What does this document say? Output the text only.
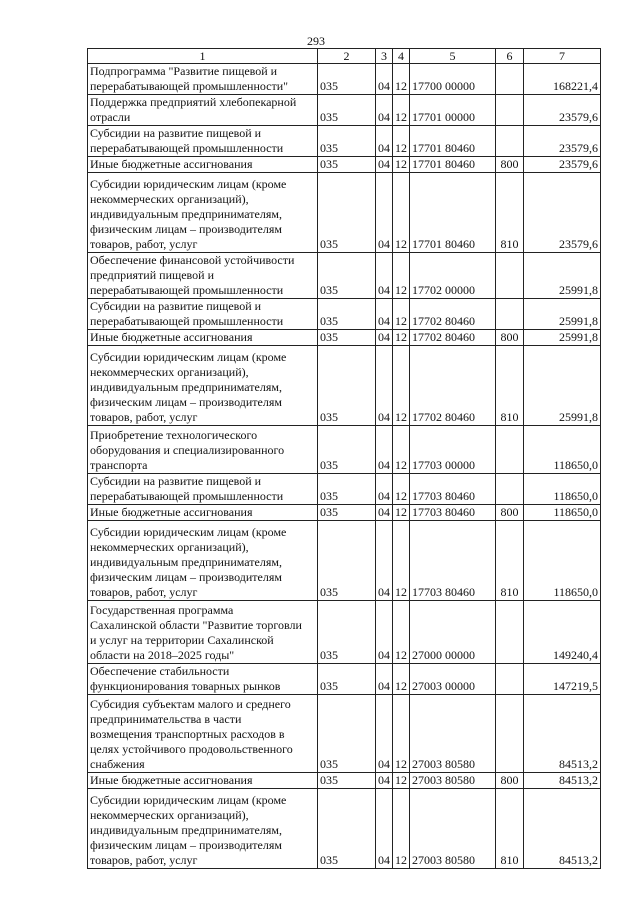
293
1	2	3	4	5	6	7
Подпрограмма "Развитие пищевой и
перерабатывающей промышленности"	035	04	12	17700 00000		168221,4
Поддержка предприятий хлебопекарной
отрасли	035	04	12	17701 00000		23579,6
Субсидии на развитие пищевой и
перерабатывающей промышленности	035	04	12	17701 80460		23579,6
Иные бюджетные ассигнования	035	04	12	17701 80460	800	23579,6
Субсидии юридическим лицам (кроме
некоммерческих организаций),
индивидуальным предпринимателям,
физическим лицам – производителям
товаров, работ, услуг	035	04	12	17701 80460	810	23579,6
Обеспечение финансовой устойчивости
предприятий пищевой и
перерабатывающей промышленности	035	04	12	17702 00000		25991,8
Субсидии на развитие пищевой и
перерабатывающей промышленности	035	04	12	17702 80460		25991,8
Иные бюджетные ассигнования	035	04	12	17702 80460	800	25991,8
Субсидии юридическим лицам (кроме
некоммерческих организаций),
индивидуальным предпринимателям,
физическим лицам – производителям
товаров, работ, услуг	035	04	12	17702 80460	810	25991,8
Приобретение технологического
оборудования и специализированного
транспорта	035	04	12	17703 00000		118650,0
Субсидии на развитие пищевой и
перерабатывающей промышленности	035	04	12	17703 80460		118650,0
Иные бюджетные ассигнования	035	04	12	17703 80460	800	118650,0
Субсидии юридическим лицам (кроме
некоммерческих организаций),
индивидуальным предпринимателям,
физическим лицам – производителям
товаров, работ, услуг	035	04	12	17703 80460	810	118650,0
Государственная программа
Сахалинской области "Развитие торговли
и услуг на территории Сахалинской
области на 2018–2025 годы"	035	04	12	27000 00000		149240,4
Обеспечение стабильности
функционирования товарных рынков	035	04	12	27003 00000		147219,5
Субсидия субъектам малого и среднего
предпринимательства в части
возмещения транспортных расходов в
целях устойчивого продовольственного
снабжения	035	04	12	27003 80580		84513,2
Иные бюджетные ассигнования	035	04	12	27003 80580	800	84513,2
Субсидии юридическим лицам (кроме
некоммерческих организаций),
индивидуальным предпринимателям,
физическим лицам – производителям
товаров, работ, услуг	035	04	12	27003 80580	810	84513,2
